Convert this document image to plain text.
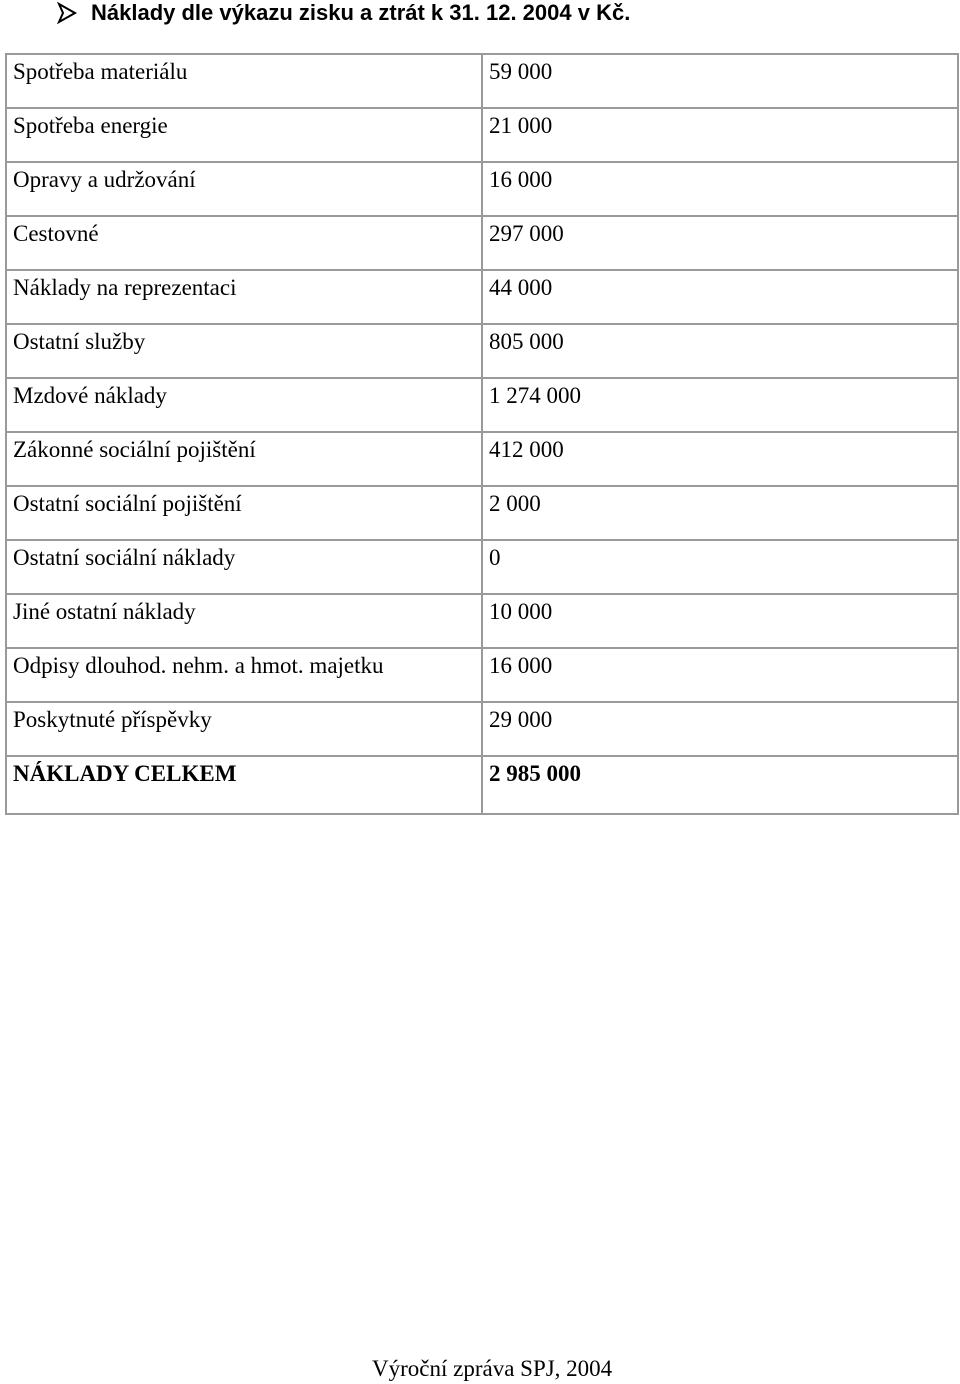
Náklady dle výkazu zisku a ztrát k 31. 12. 2004 v Kč.
Spotřeba materiálu	59 000
Spotřeba energie	21 000
Opravy a udržování	16 000
Cestovné	297 000
Náklady na reprezentaci	44 000
Ostatní služby	805 000
Mzdové náklady	1 274 000
Zákonné sociální pojištění	412 000
Ostatní sociální pojištění	2 000
Ostatní sociální náklady	0
Jiné ostatní náklady	10 000
Odpisy dlouhod. nehm. a hmot. majetku	16 000
Poskytnuté příspěvky	29 000
NÁKLADY CELKEM	2 985 000
Výroční zpráva SPJ, 2004
